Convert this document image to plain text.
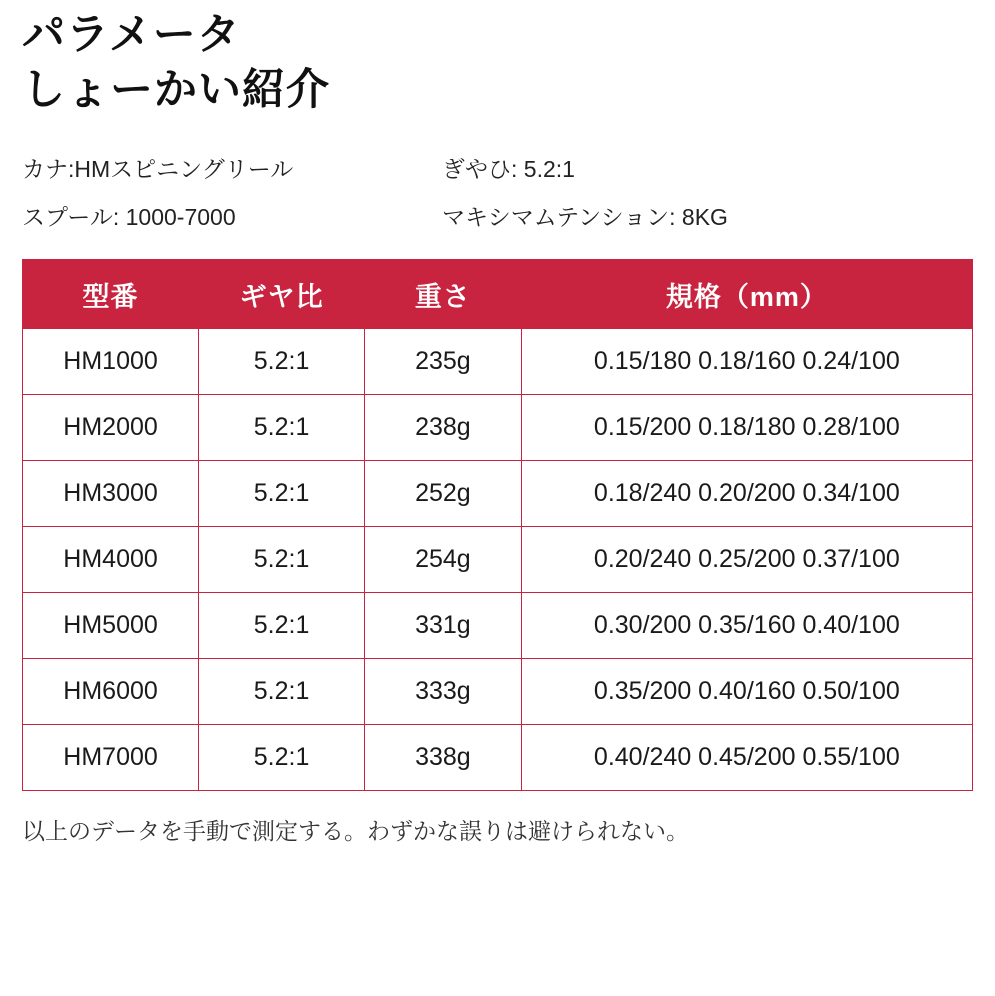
パラメータ
しょーかい紹介
カナ:HMスピニングリール	ぎやひ: 5.2:1
スプール: 1000-7000	マキシマムテンション: 8KG
型番	ギヤ比	重さ	規格（mm）
HM1000	5.2:1	235g	0.15/180 0.18/160 0.24/100
HM2000	5.2:1	238g	0.15/200 0.18/180 0.28/100
HM3000	5.2:1	252g	0.18/240 0.20/200 0.34/100
HM4000	5.2:1	254g	0.20/240 0.25/200 0.37/100
HM5000	5.2:1	331g	0.30/200 0.35/160 0.40/100
HM6000	5.2:1	333g	0.35/200 0.40/160 0.50/100
HM7000	5.2:1	338g	0.40/240 0.45/200 0.55/100
以上のデータを手動で測定する。わずかな誤りは避けられない。
